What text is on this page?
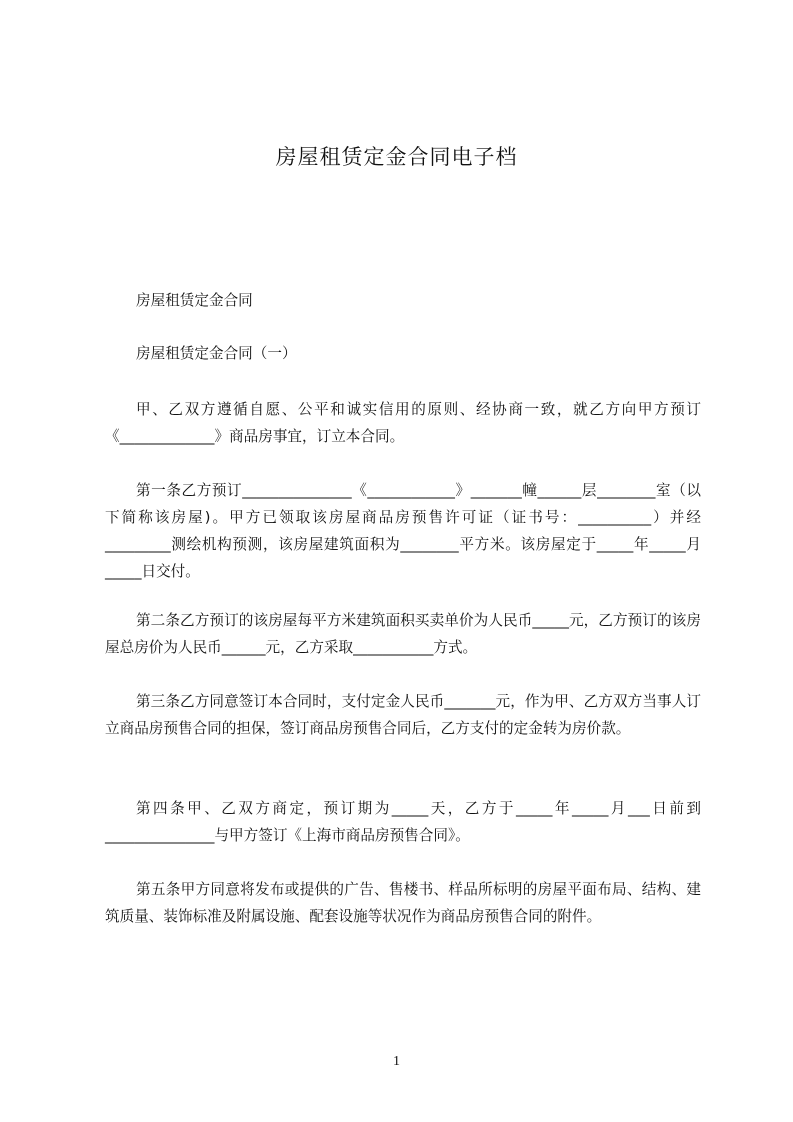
房屋租赁定金合同电子档

房屋租赁定金合同

房屋租赁定金合同（一）

甲、乙双方遵循自愿、公平和诚实信用的原则、经协商一致，就乙方向甲方预订《_____________》商品房事宜，订立本合同。

第一条乙方预订_______________《____________》_______幢______层________室（以下简称该房屋)。甲方已领取该房屋商品房预售许可证（证书号：__________）并经_________测绘机构预测，该房屋建筑面积为________平方米。该房屋定于_____年_____月_____日交付。

第二条乙方预订的该房屋每平方米建筑面积买卖单价为人民币_____元，乙方预订的该房屋总房价为人民币______元，乙方采取___________方式。

第三条乙方同意签订本合同时，支付定金人民币_______元，作为甲、乙方双方当事人订立商品房预售合同的担保，签订商品房预售合同后，乙方支付的定金转为房价款。

第四条甲、乙双方商定，预订期为_____天，乙方于_____年_____月___日前到_______________与甲方签订《上海市商品房预售合同》。

第五条甲方同意将发布或提供的广告、售楼书、样品所标明的房屋平面布局、结构、建筑质量、装饰标准及附属设施、配套设施等状况作为商品房预售合同的附件。

1
